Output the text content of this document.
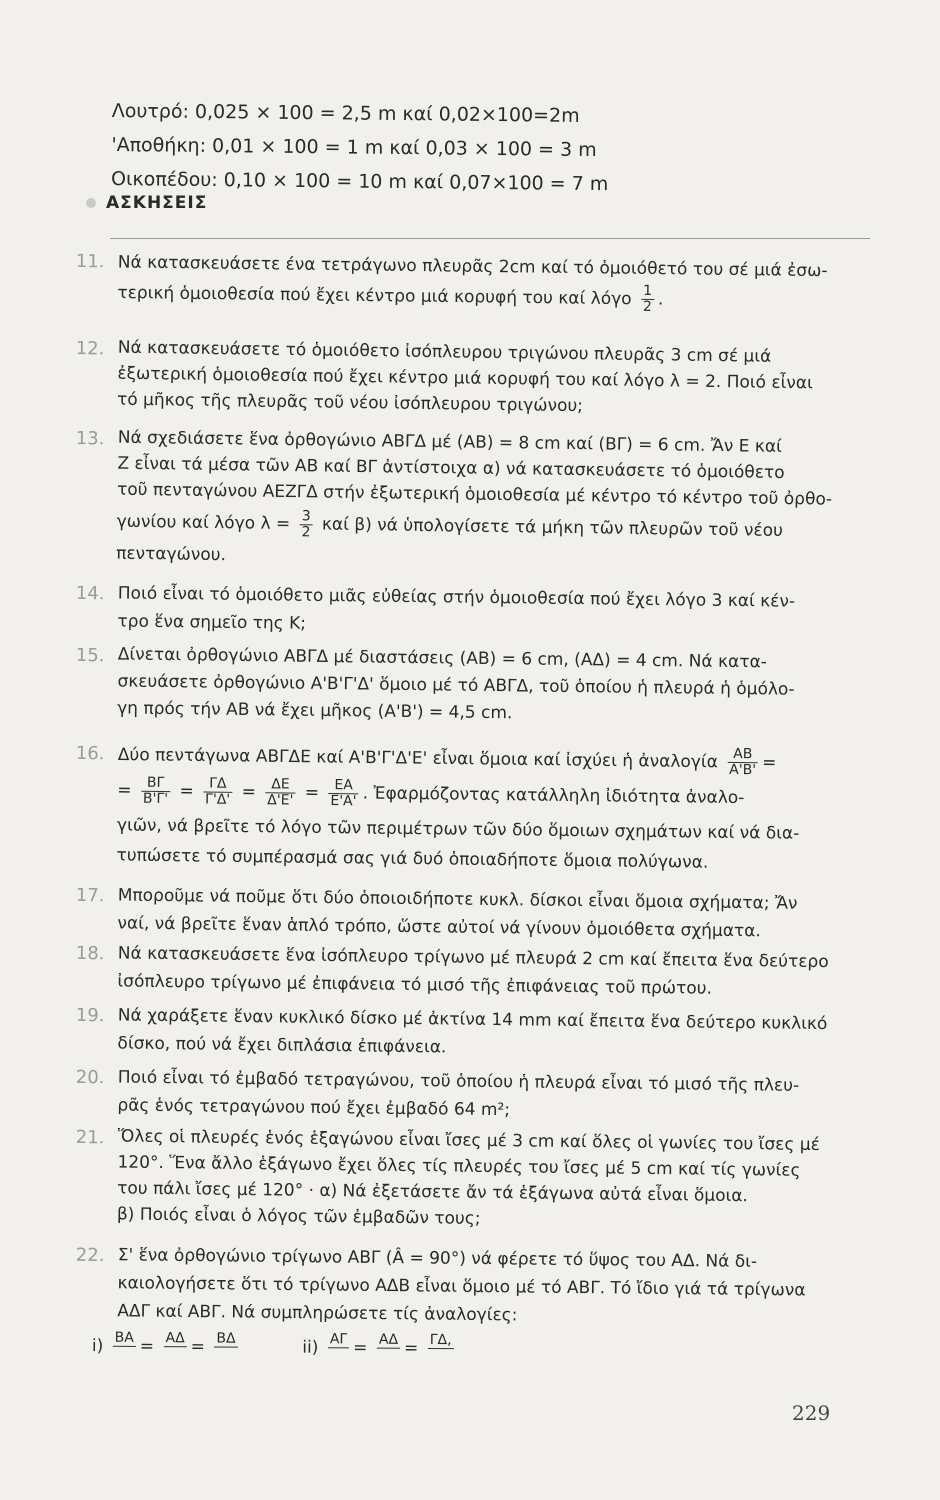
Λουτρό: 0,025 × 100 = 2,5 m καί 0,02×100=2m
'Αποθήκη: 0,01 × 100 = 1 m καί 0,03 × 100 = 3 m
Οικοπέδου: 0,10 × 100 = 10 m καί 0,07×100 = 7 m
ΑΣΚΗΣΕΙΣ
11. Νά κατασκευάσετε ένα τετράγωνο πλευρᾶς 2cm καί τό ὁμοιόθετό του σέ μιά ἐσω-
τερική ὁμοιοθεσία πού ἔχει κέντρο μιά κορυφή του καί λόγο $\frac{1}{2}$ .
12. Νά κατασκευάσετε τό ὁμοιόθετο ἰσόπλευρου τριγώνου πλευρᾶς 3 cm σέ μιά
ἐξωτερική ὁμοιοθεσία πού ἔχει κέντρο μιά κορυφή του καί λόγο λ = 2. Ποιό εἶναι
τό μῆκος τῆς πλευρᾶς τοῦ νέου ἰσόπλευρου τριγώνου;
13. Νά σχεδιάσετε ἕνα ὀρθογώνιο ΑΒΓΔ μέ (ΑΒ) = 8 cm καί (ΒΓ) = 6 cm. Ἄν Ε καί
Ζ εἶναι τά μέσα τῶν ΑΒ καί ΒΓ ἀντίστοιχα α) νά κατασκευάσετε τό ὁμοιόθετο
τοῦ πενταγώνου ΑΕΖΓΔ στήν ἐξωτερική ὁμοιοθεσία μέ κέντρο τό κέντρο τοῦ ὀρθο-
γωνίου καί λόγο $\lambda = \frac{3}{2}$ καί β) νά ὑπολογίσετε τά μήκη τῶν πλευρῶν τοῦ νέου
πενταγώνου.
14. Ποιό εἶναι τό ὁμοιόθετο μιᾶς εὐθείας στήν ὁμοιοθεσία πού ἔχει λόγο 3 καί κέν-
τρο ἕνα σημεῖο της Κ;
15. Δίνεται ὀρθογώνιο ΑΒΓΔ μέ διαστάσεις (ΑΒ) = 6 cm, (ΑΔ) = 4 cm. Νά κατα-
σκευάσετε ὀρθογώνιο Α'Β'Γ'Δ' ὅμοιο μέ τό ΑΒΓΔ, τοῦ ὁποίου ἡ πλευρά ἡ ὁμόλο-
γη πρός τήν ΑΒ νά ἔχει μῆκος (Α'Β') = 4,5 cm.
16. Δύο πεντάγωνα ΑΒΓΔΕ καί Α'Β'Γ'Δ'Ε' εἶναι ὅμοια καί ἰσχύει ἡ ἀναλογία $\frac{AB}{A'B'}$ =
= $\frac{B\Gamma}{B'\Gamma'} = \frac{\Gamma\Delta}{\Gamma'\Delta'} = \frac{\Delta E}{\Delta'E'} = \frac{EA}{E'A'}$ . Ἐφαρμόζοντας κατάλληλη ἰδιότητα ἀναλο-
γιῶν, νά βρεῖτε τό λόγο τῶν περιμέτρων τῶν δύο ὅμοιων σχημάτων καί νά δια-
τυπώσετε τό συμπέρασμά σας γιά δυό ὁποιαδήποτε ὅμοια πολύγωνα.
17. Μποροῦμε νά ποῦμε ὅτι δύο ὁποιοιδήποτε κυκλ. δίσκοι εἶναι ὅμοια σχήματα; Ἄν
ναί, νά βρεῖτε ἕναν ἁπλό τρόπο, ὥστε αὐτοί νά γίνουν ὁμοιόθετα σχήματα.
18. Νά κατασκευάσετε ἕνα ἰσόπλευρο τρίγωνο μέ πλευρά 2 cm καί ἔπειτα ἕνα δεύτερο
ἰσόπλευρο τρίγωνο μέ ἐπιφάνεια τό μισό τῆς ἐπιφάνειας τοῦ πρώτου.
19. Νά χαράξετε ἕναν κυκλικό δίσκο μέ ἀκτίνα 14 mm καί ἔπειτα ἕνα δεύτερο κυκλικό
δίσκο, πού νά ἔχει διπλάσια ἐπιφάνεια.
20. Ποιό εἶναι τό ἐμβαδό τετραγώνου, τοῦ ὁποίου ἡ πλευρά εἶναι τό μισό τῆς πλευ-
ρᾶς ἑνός τετραγώνου πού ἔχει ἐμβαδό 64 m²;
21. Ὅλες οἱ πλευρές ἑνός ἑξαγώνου εἶναι ἴσες μέ 3 cm καί ὅλες οἱ γωνίες του ἴσες μέ
120°. Ἕνα ἄλλο ἑξάγωνο ἔχει ὅλες τίς πλευρές του ἴσες μέ 5 cm καί τίς γωνίες
του πάλι ἴσες μέ 120° · α) Νά ἐξετάσετε ἄν τά ἑξάγωνα αὐτά εἶναι ὅμοια.
β) Ποιός εἶναι ὁ λόγος τῶν ἐμβαδῶν τους;
22. Σ' ἕνα ὀρθογώνιο τρίγωνο ΑΒΓ (Â = 90°) νά φέρετε τό ὕψος του ΑΔ. Νά δι-
καιολογήσετε ὅτι τό τρίγωνο ΑΔΒ εἶναι ὅμοιο μέ τό ΑΒΓ. Τό ἴδιο γιά τά τρίγωνα
ΑΔΓ καί ΑΒΓ. Νά συμπληρώσετε τίς ἀναλογίες:
$i) \frac{BA}{​} = \frac{A\Delta}{​} = \frac{B\Delta}{​}$	$ii) \frac{A\Gamma}{​} = \frac{A\Delta}{​} = \frac{\Gamma\Delta,}{​}$
229
